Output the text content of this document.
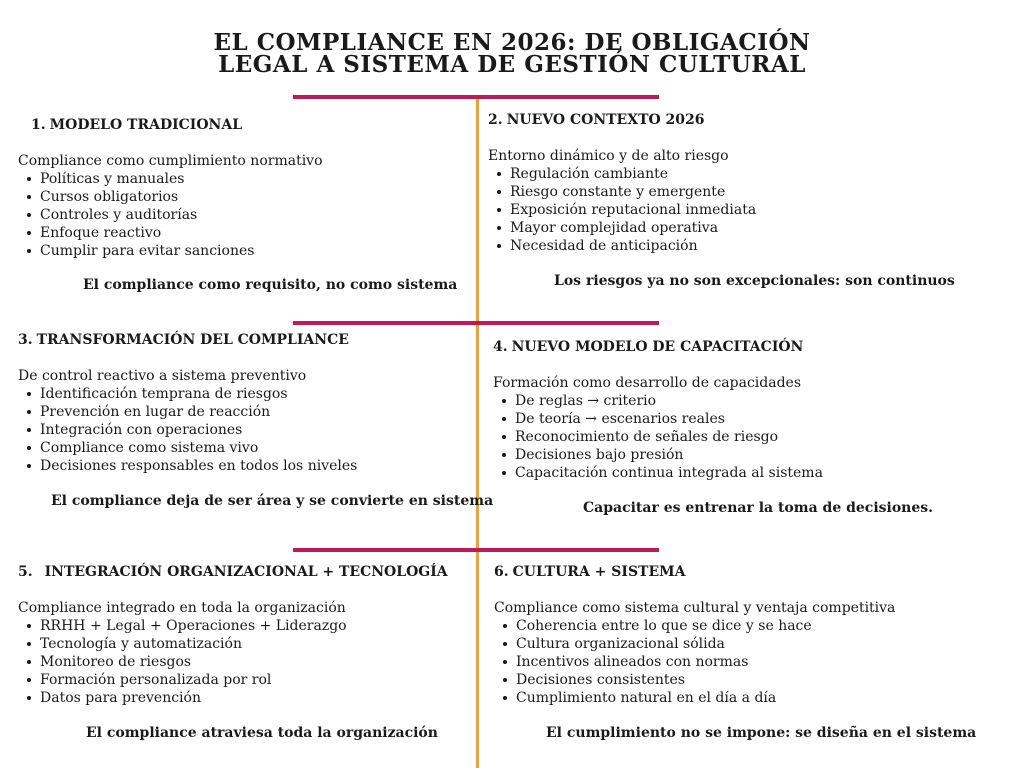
EL COMPLIANCE EN 2026: DE OBLIGACIÓN
LEGAL A SISTEMA DE GESTIÓN CULTURAL
1. MODELO TRADICIONAL
Compliance como cumplimiento normativo
Políticas y manuales
Cursos obligatorios
Controles y auditorías
Enfoque reactivo
Cumplir para evitar sanciones
El compliance como requisito, no como sistema
2. NUEVO CONTEXTO 2026
Entorno dinámico y de alto riesgo
Regulación cambiante
Riesgo constante y emergente
Exposición reputacional inmediata
Mayor complejidad operativa
Necesidad de anticipación
Los riesgos ya no son excepcionales: son continuos
3. TRANSFORMACIÓN DEL COMPLIANCE
De control reactivo a sistema preventivo
Identificación temprana de riesgos
Prevención en lugar de reacción
Integración con operaciones
Compliance como sistema vivo
Decisiones responsables en todos los niveles
El compliance deja de ser área y se convierte en sistema
4. NUEVO MODELO DE CAPACITACIÓN
Formación como desarrollo de capacidades
De reglas → criterio
De teoría → escenarios reales
Reconocimiento de señales de riesgo
Decisiones bajo presión
Capacitación continua integrada al sistema
Capacitar es entrenar la toma de decisiones.
5. INTEGRACIÓN ORGANIZACIONAL + TECNOLOGÍA
Compliance integrado en toda la organización
RRHH + Legal + Operaciones + Liderazgo
Tecnología y automatización
Monitoreo de riesgos
Formación personalizada por rol
Datos para prevención
El compliance atraviesa toda la organización
6. CULTURA + SISTEMA
Compliance como sistema cultural y ventaja competitiva
Coherencia entre lo que se dice y se hace
Cultura organizacional sólida
Incentivos alineados con normas
Decisiones consistentes
Cumplimiento natural en el día a día
El cumplimiento no se impone: se diseña en el sistema
